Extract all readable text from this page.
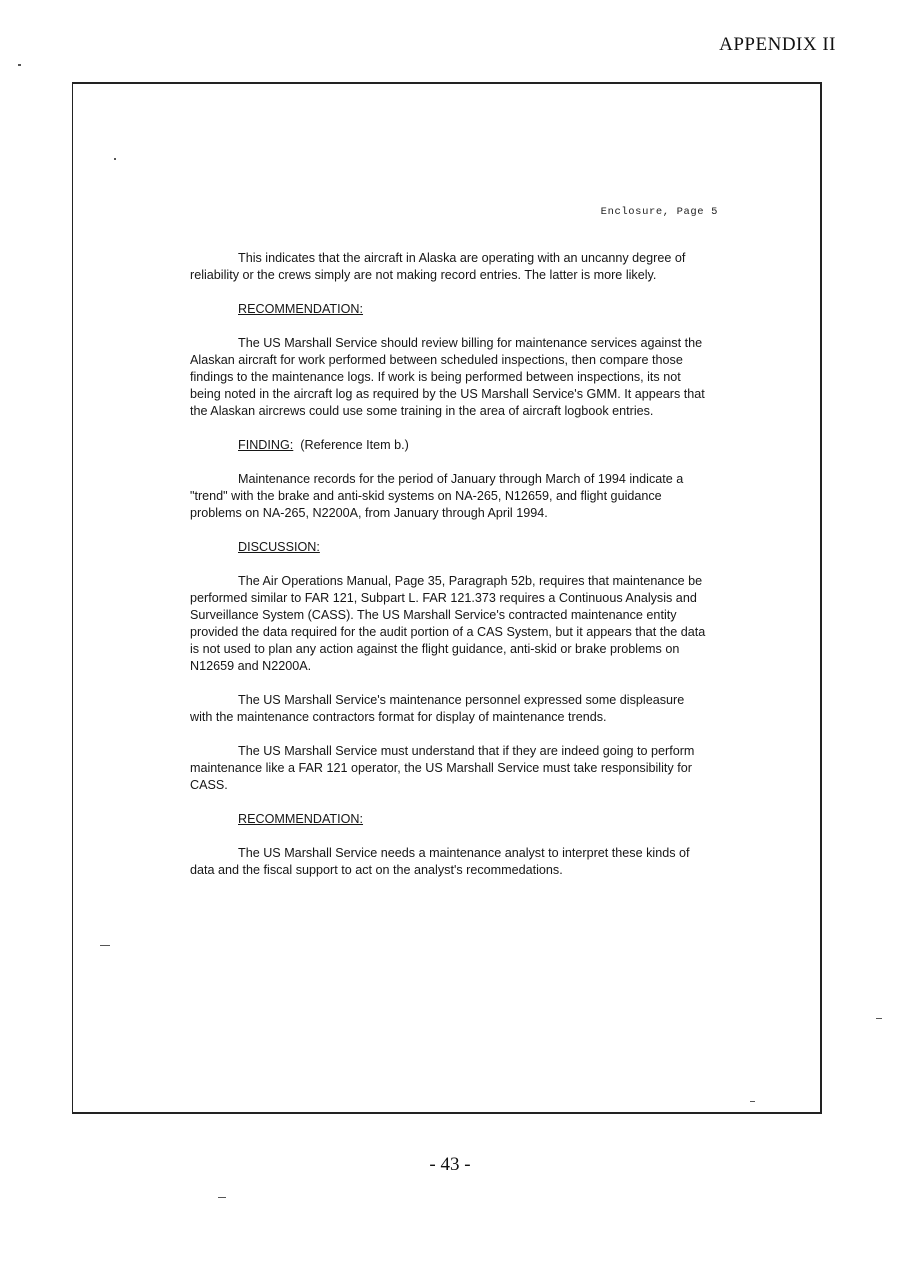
APPENDIX II
Enclosure, Page 5

This indicates that the aircraft in Alaska are operating with an uncanny degree of reliability or the crews simply are not making record entries. The latter is more likely.

RECOMMENDATION:

The US Marshall Service should review billing for maintenance services against the Alaskan aircraft for work performed between scheduled inspections, then compare those findings to the maintenance logs. If work is being performed between inspections, its not being noted in the aircraft log as required by the US Marshall Service's GMM. It appears that the Alaskan aircrews could use some training in the area of aircraft logbook entries.

FINDING: (Reference Item b.)

Maintenance records for the period of January through March of 1994 indicate a "trend" with the brake and anti-skid systems on NA-265, N12659, and flight guidance problems on NA-265, N2200A, from January through April 1994.

DISCUSSION:

The Air Operations Manual, Page 35, Paragraph 52b, requires that maintenance be performed similar to FAR 121, Subpart L. FAR 121.373 requires a Continuous Analysis and Surveillance System (CASS). The US Marshall Service's contracted maintenance entity provided the data required for the audit portion of a CAS System, but it appears that the data is not used to plan any action against the flight guidance, anti-skid or brake problems on N12659 and N2200A.

The US Marshall Service's maintenance personnel expressed some displeasure with the maintenance contractors format for display of maintenance trends.

The US Marshall Service must understand that if they are indeed going to perform maintenance like a FAR 121 operator, the US Marshall Service must take responsibility for CASS.

RECOMMENDATION:

The US Marshall Service needs a maintenance analyst to interpret these kinds of data and the fiscal support to act on the analyst's recommedations.

- 43 -
